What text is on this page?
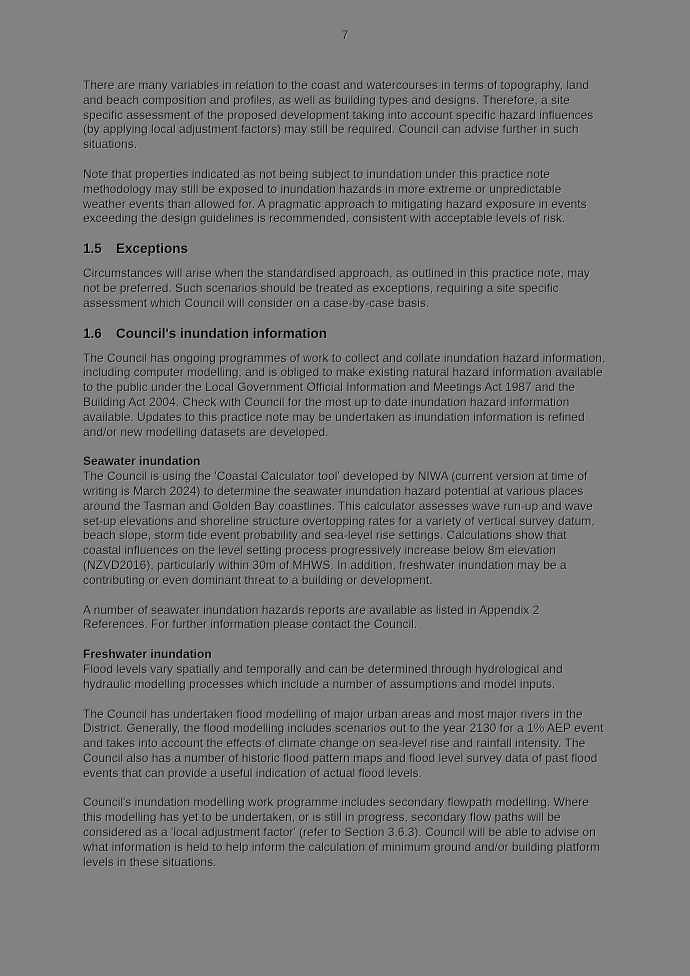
7

There are many variables in relation to the coast and watercourses in terms of topography, land and beach composition and profiles, as well as building types and designs. Therefore, a site specific assessment of the proposed development taking into account specific hazard influences (by applying local adjustment factors) may still be required. Council can advise further in such situations.

Note that properties indicated as not being subject to inundation under this practice note methodology may still be exposed to inundation hazards in more extreme or unpredictable weather events than allowed for. A pragmatic approach to mitigating hazard exposure in events exceeding the design guidelines is recommended, consistent with acceptable levels of risk.

1.5 Exceptions

Circumstances will arise when the standardised approach, as outlined in this practice note, may not be preferred. Such scenarios should be treated as exceptions, requiring a site specific assessment which Council will consider on a case-by-case basis.

1.6 Council's inundation information

The Council has ongoing programmes of work to collect and collate inundation hazard information, including computer modelling, and is obliged to make existing natural hazard information available to the public under the Local Government Official Information and Meetings Act 1987 and the Building Act 2004. Check with Council for the most up to date inundation hazard information available. Updates to this practice note may be undertaken as inundation information is refined and/or new modelling datasets are developed.

Seawater inundation

The Council is using the 'Coastal Calculator tool' developed by NIWA (current version at time of writing is March 2024) to determine the seawater inundation hazard potential at various places around the Tasman and Golden Bay coastlines. This calculator assesses wave run-up and wave set-up elevations and shoreline structure overtopping rates for a variety of vertical survey datum, beach slope, storm tide event probability and sea-level rise settings. Calculations show that coastal influences on the level setting process progressively increase below 8m elevation (NZVD2016), particularly within 30m of MHWS. In addition, freshwater inundation may be a contributing or even dominant threat to a building or development.

A number of seawater inundation hazards reports are available as listed in Appendix 2 References. For further information please contact the Council.

Freshwater inundation

Flood levels vary spatially and temporally and can be determined through hydrological and hydraulic modelling processes which include a number of assumptions and model inputs.

The Council has undertaken flood modelling of major urban areas and most major rivers in the District. Generally, the flood modelling includes scenarios out to the year 2130 for a 1% AEP event and takes into account the effects of climate change on sea-level rise and rainfall intensity. The Council also has a number of historic flood pattern maps and flood level survey data of past flood events that can provide a useful indication of actual flood levels.

Council's inundation modelling work programme includes secondary flowpath modelling. Where this modelling has yet to be undertaken, or is still in progress, secondary flow paths will be considered as a 'local adjustment factor' (refer to Section 3.6.3). Council will be able to advise on what information is held to help inform the calculation of minimum ground and/or building platform levels in these situations.
